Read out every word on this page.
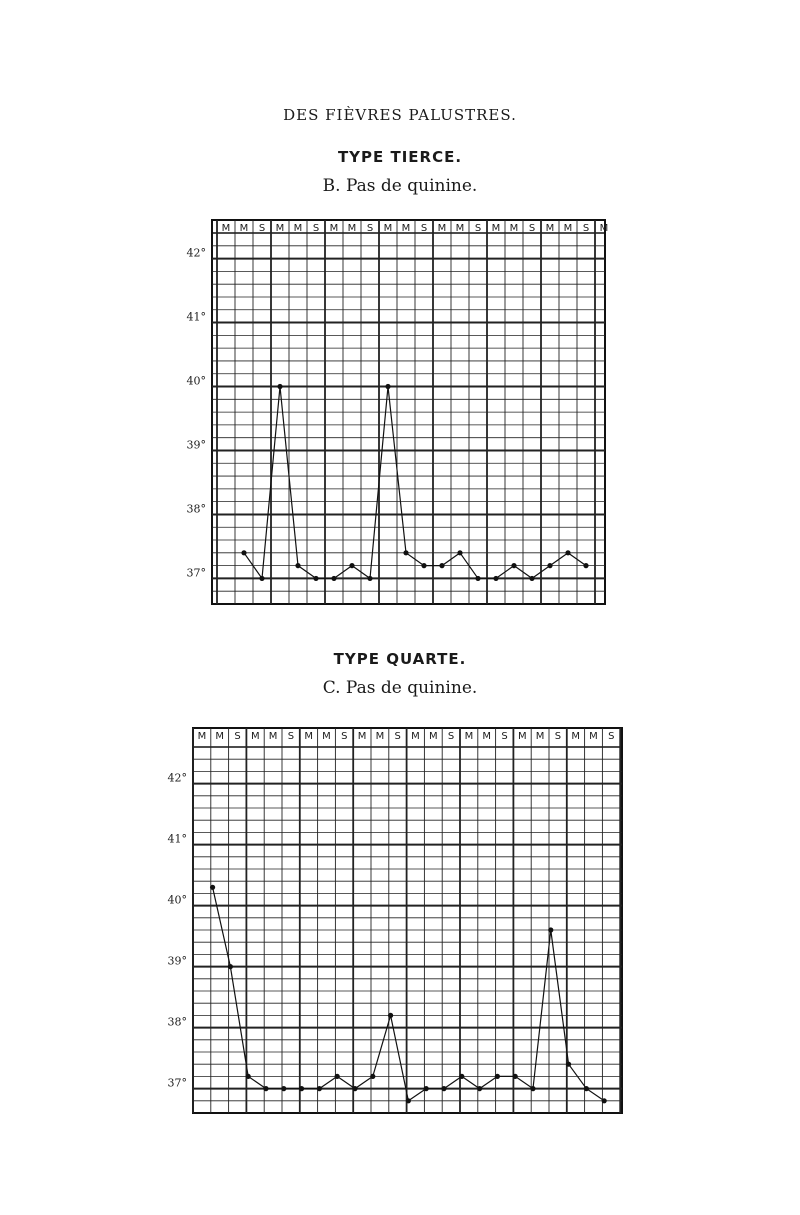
DES FIÈVRES PALUSTRES.
TYPE TIERCE.
B. Pas de quinine.
TYPE QUARTE.
C. Pas de quinine.
M M S M M S M M S M M S M M S M M S M M S M
42°
41°
40°
39°
38°
37°
M M S M M S M M S M M S M M S M M S M M S M M S
42°
41°
40°
39°
38°
37°
